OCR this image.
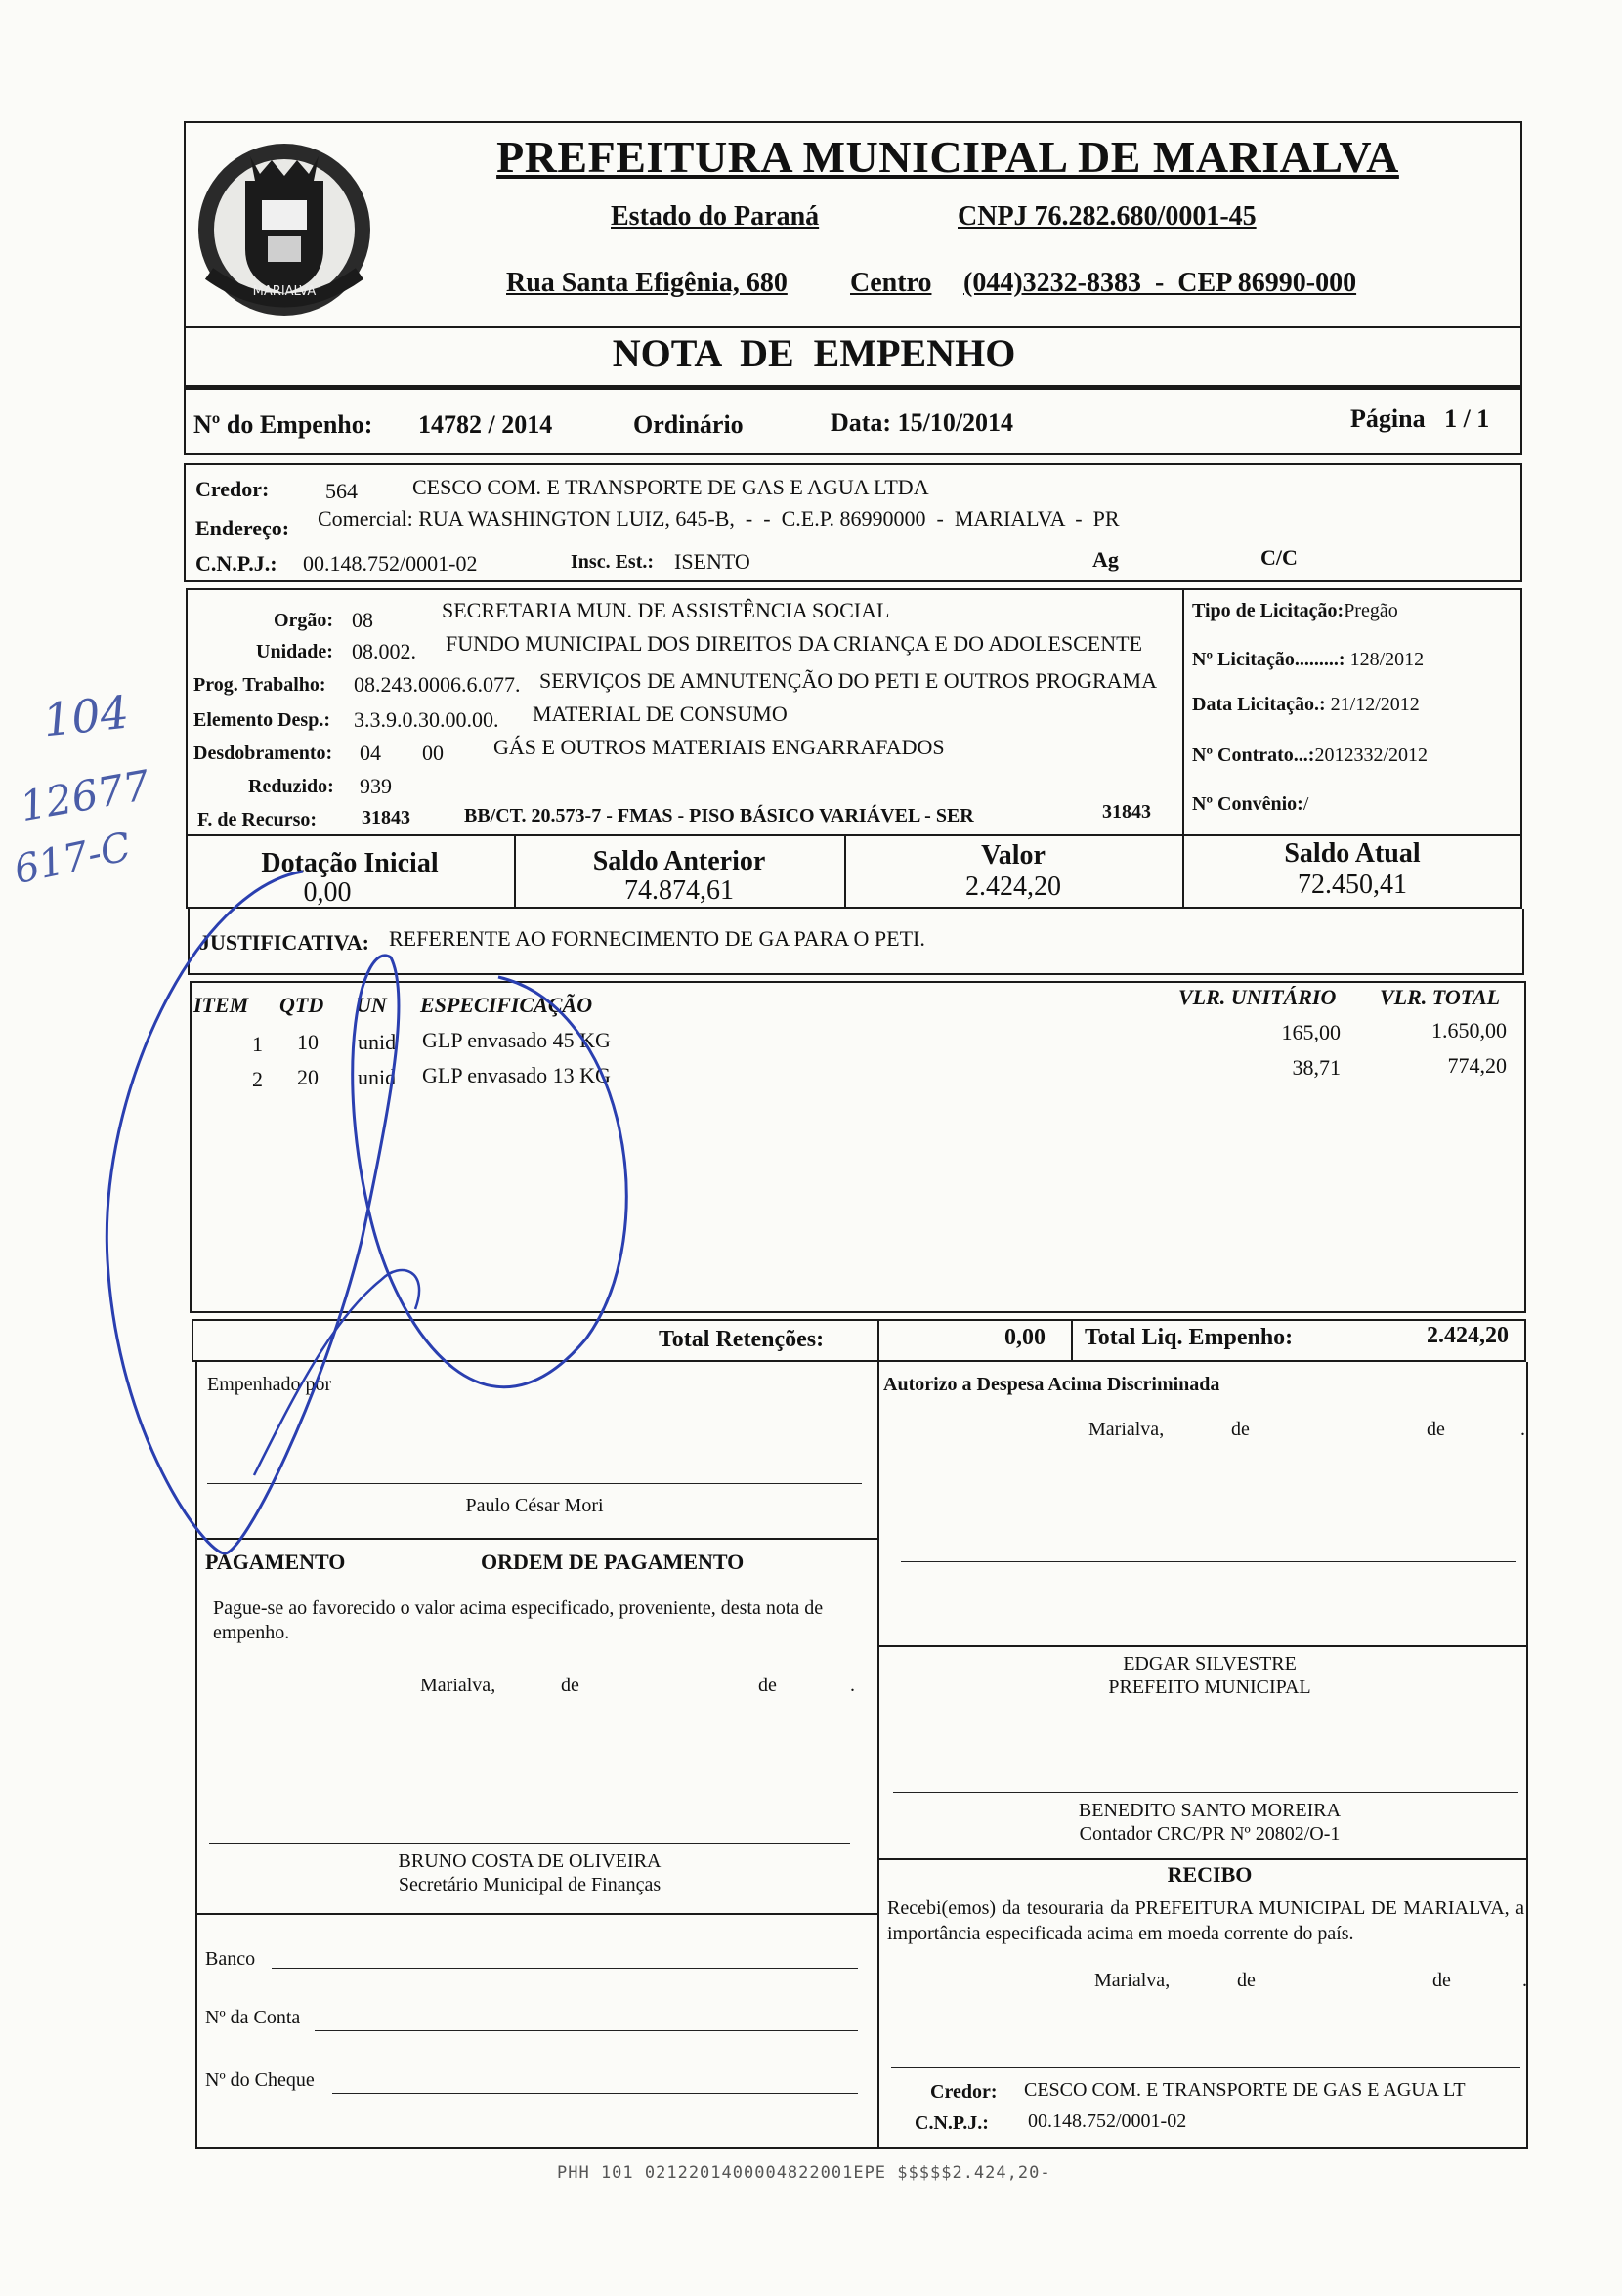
MARIALVA
PREFEITURA MUNICIPAL DE MARIALVA
Estado do Paraná	CNPJ 76.282.680/0001-45
Rua Santa Efigênia, 680 Centro (044)3232-8383  -  CEP 86990-000
NOTA  DE  EMPENHO
Nº do Empenho: 14782 / 2014	Ordinário	Data: 15/10/2014	Página   1 / 1
Credor:	564	CESCO COM. E TRANSPORTE DE GAS E AGUA LTDA
Endereço: Comercial: RUA WASHINGTON LUIZ, 645-B,  -  -  C.E.P. 86990000  -  MARIALVA  -  PR
C.N.P.J.: 00.148.752/0001-02	Insc. Est.: ISENTO	Ag	C/C
Orgão: 08	SECRETARIA MUN. DE ASSISTÊNCIA SOCIAL
Unidade: 08.002. FUNDO MUNICIPAL DOS DIREITOS DA CRIANÇA E DO ADOLESCENTE
Prog. Trabalho: 08.243.0006.6.077. SERVIÇOS DE AMNUTENÇÃO DO PETI E OUTROS PROGRAMA
Elemento Desp.: 3.3.9.0.30.00.00. MATERIAL DE CONSUMO
Desdobramento: 04 00 GÁS E OUTROS MATERIAIS ENGARRAFADOS
Reduzido: 939
F. de Recurso: 31843	BB/CT. 20.573-7 - FMAS - PISO BÁSICO VARIÁVEL - SER	31843
Tipo de Licitação:Pregão
Nº Licitação.........: 128/2012
Data Licitação.: 21/12/2012
Nº Contrato...:2012332/2012
Nº Convênio:/
Dotação Inicial
0,00
Saldo Anterior
74.874,61
Valor
2.424,20
Saldo Atual
72.450,41
JUSTIFICATIVA: REFERENTE AO FORNECIMENTO DE GA PARA O PETI.
ITEM QTD UN ESPECIFICAÇÃO	VLR. UNITÁRIO VLR. TOTAL
1 10 unid GLP envasado 45 KG	165,00	1.650,00
2 20 unid GLP envasado 13 KG	38,71	774,20
Total Retenções:	0,00 Total Liq. Empenho:	2.424,20
Empenhado por
Paulo César Mori
PAGAMENTO	ORDEM DE PAGAMENTO
Pague-se ao favorecido o valor acima especificado, proveniente, desta nota de empenho.
Marialva,	de	de	.
BRUNO COSTA DE OLIVEIRA
Secretário Municipal de Finanças
Banco
Nº da Conta
Nº do Cheque
Autorizo a Despesa Acima Discriminada
Marialva,	de	de	.
EDGAR SILVESTRE
PREFEITO MUNICIPAL
BENEDITO SANTO MOREIRA
Contador CRC/PR Nº 20802/O-1
RECIBO
Recebi(emos) da tesouraria da PREFEITURA MUNICIPAL DE MARIALVA, a importância especificada acima em moeda corrente do país.
Marialva,	de	de	.
Credor: CESCO COM. E TRANSPORTE DE GAS E AGUA LT
C.N.P.J.: 00.148.752/0001-02
PHH 101 0212201400004822001EPE $$$$$2.424,20-
104
12677
617-C
